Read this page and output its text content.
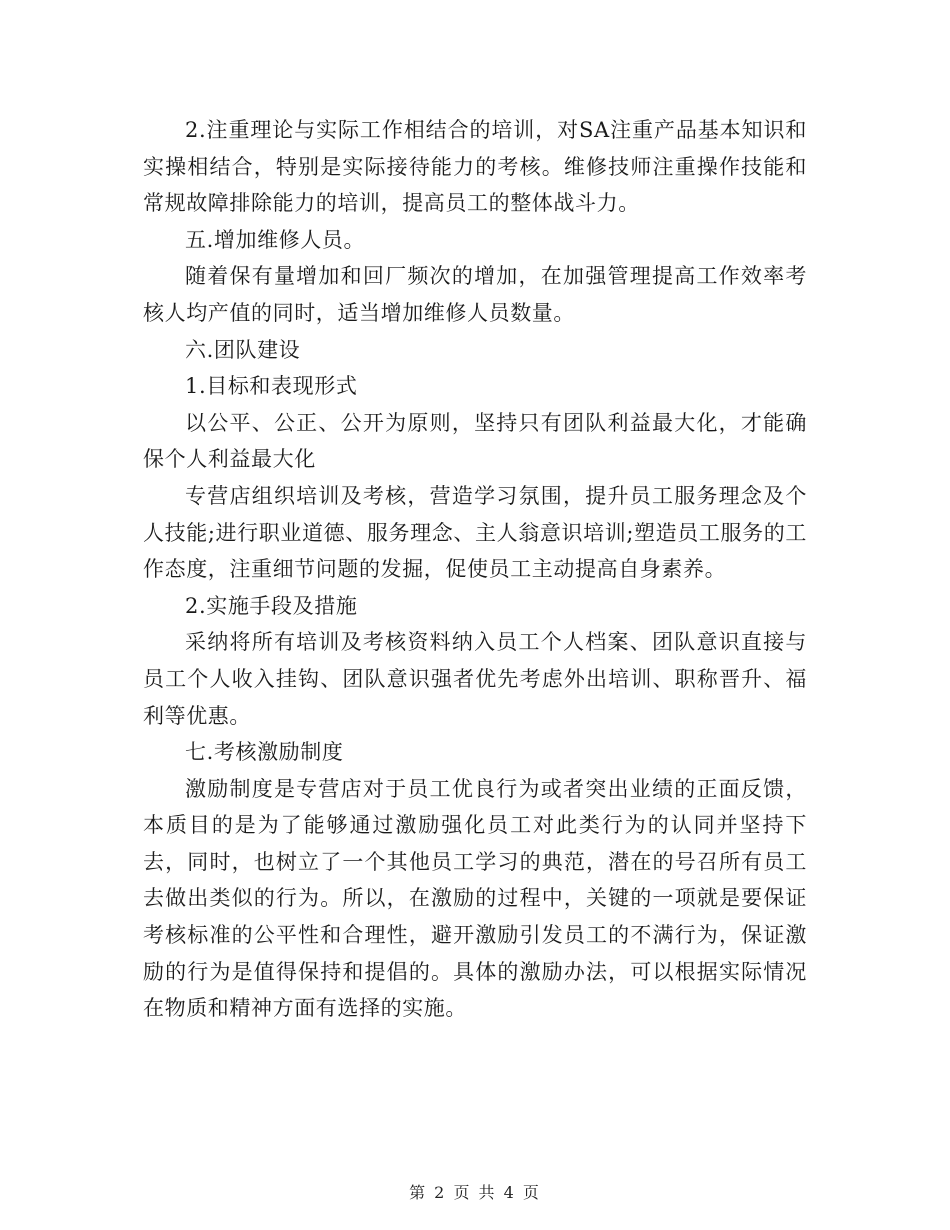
2.注重理论与实际工作相结合的培训，对SA注重产品基本知识和实操相结合，特别是实际接待能力的考核。维修技师注重操作技能和常规故障排除能力的培训，提高员工的整体战斗力。

五.增加维修人员。

随着保有量增加和回厂频次的增加，在加强管理提高工作效率考核人均产值的同时，适当增加维修人员数量。

六.团队建设

1.目标和表现形式

以公平、公正、公开为原则，坚持只有团队利益最大化，才能确保个人利益最大化

专营店组织培训及考核，营造学习氛围，提升员工服务理念及个人技能;进行职业道德、服务理念、主人翁意识培训;塑造员工服务的工作态度，注重细节问题的发掘，促使员工主动提高自身素养。

2.实施手段及措施

采纳将所有培训及考核资料纳入员工个人档案、团队意识直接与员工个人收入挂钩、团队意识强者优先考虑外出培训、职称晋升、福利等优惠。

七.考核激励制度

激励制度是专营店对于员工优良行为或者突出业绩的正面反馈，本质目的是为了能够通过激励强化员工对此类行为的认同并坚持下去，同时，也树立了一个其他员工学习的典范，潜在的号召所有员工去做出类似的行为。所以，在激励的过程中，关键的一项就是要保证考核标准的公平性和合理性，避开激励引发员工的不满行为，保证激励的行为是值得保持和提倡的。具体的激励办法，可以根据实际情况在物质和精神方面有选择的实施。

第 2 页 共 4 页
